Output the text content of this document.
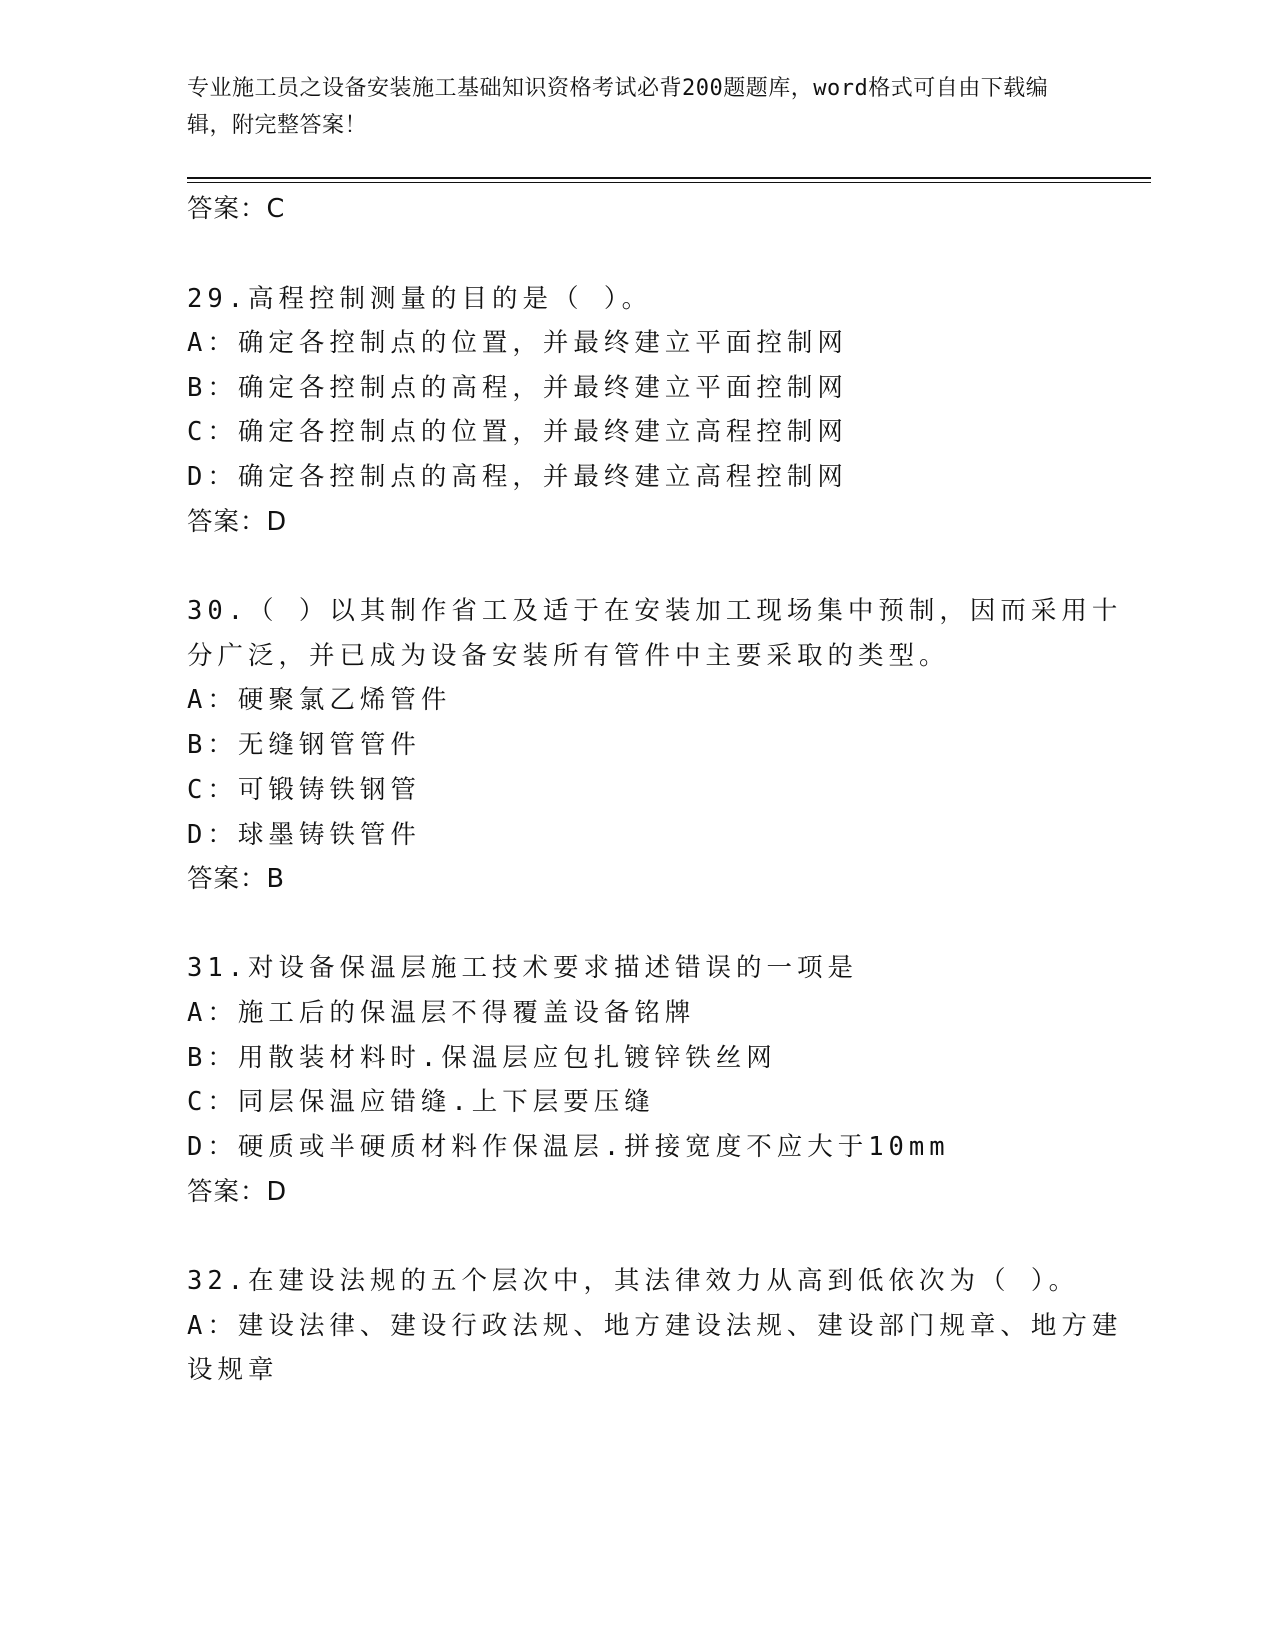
专业施工员之设备安装施工基础知识资格考试必背200题题库，word格式可自由下载编辑，附完整答案！
答案：C
29.高程控制测量的目的是（ ）。
A：确定各控制点的位置，并最终建立平面控制网
B：确定各控制点的高程，并最终建立平面控制网
C：确定各控制点的位置，并最终建立高程控制网
D：确定各控制点的高程，并最终建立高程控制网
答案：D
30.（ ）以其制作省工及适于在安装加工现场集中预制，因而采用十
分广泛，并已成为设备安装所有管件中主要采取的类型。
A：硬聚氯乙烯管件
B：无缝钢管管件
C：可锻铸铁钢管
D：球墨铸铁管件
答案：B
31.对设备保温层施工技术要求描述错误的一项是
A：施工后的保温层不得覆盖设备铭牌
B：用散装材料时.保温层应包扎镀锌铁丝网
C：同层保温应错缝.上下层要压缝
D：硬质或半硬质材料作保温层.拼接宽度不应大于10mm
答案：D
32.在建设法规的五个层次中，其法律效力从高到低依次为（ ）。
A：建设法律、建设行政法规、地方建设法规、建设部门规章、地方建
设规章
